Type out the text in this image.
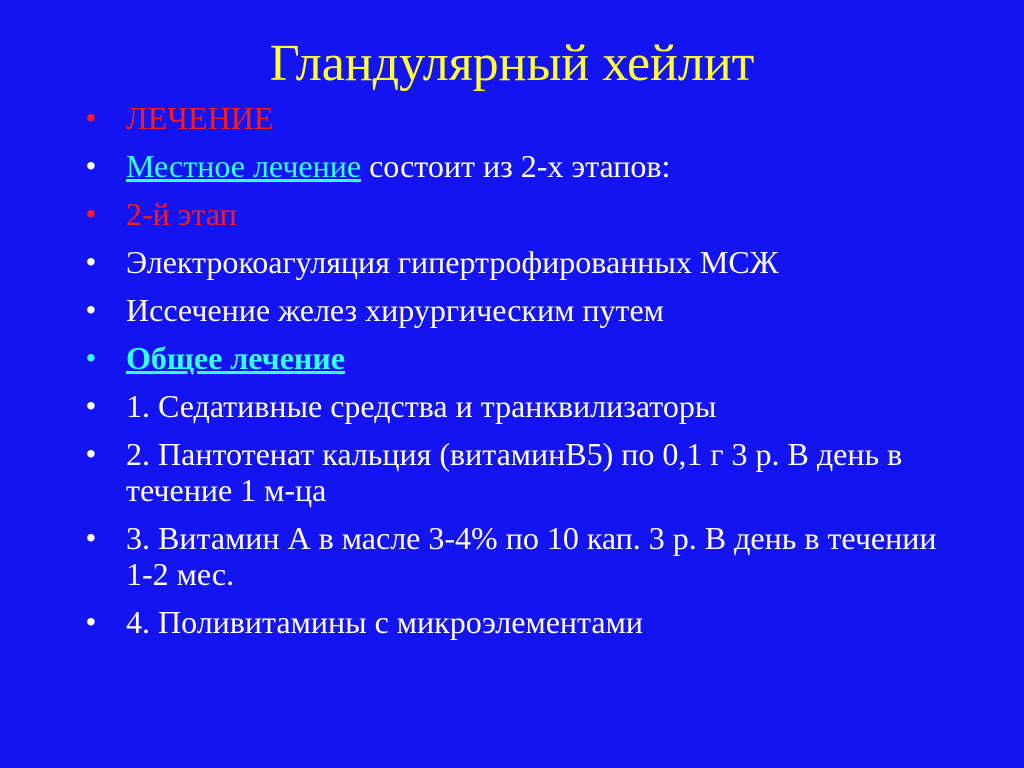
Гландулярный хейлит
• ЛЕЧЕНИЕ
• Местное лечение состоит из 2-х этапов:
• 2-й этап
• Электрокоагуляция гипертрофированных МСЖ
• Иссечение желез хирургическим путем
• Общее лечение
• 1. Седативные средства и транквилизаторы
• 2. Пантотенат кальция (витаминВ5) по 0,1 г 3 р. В день в течение 1 м-ца
• 3. Витамин А в масле 3-4% по 10 кап. 3 р. В день в течении 1-2 мес.
• 4. Поливитамины с микроэлементами
